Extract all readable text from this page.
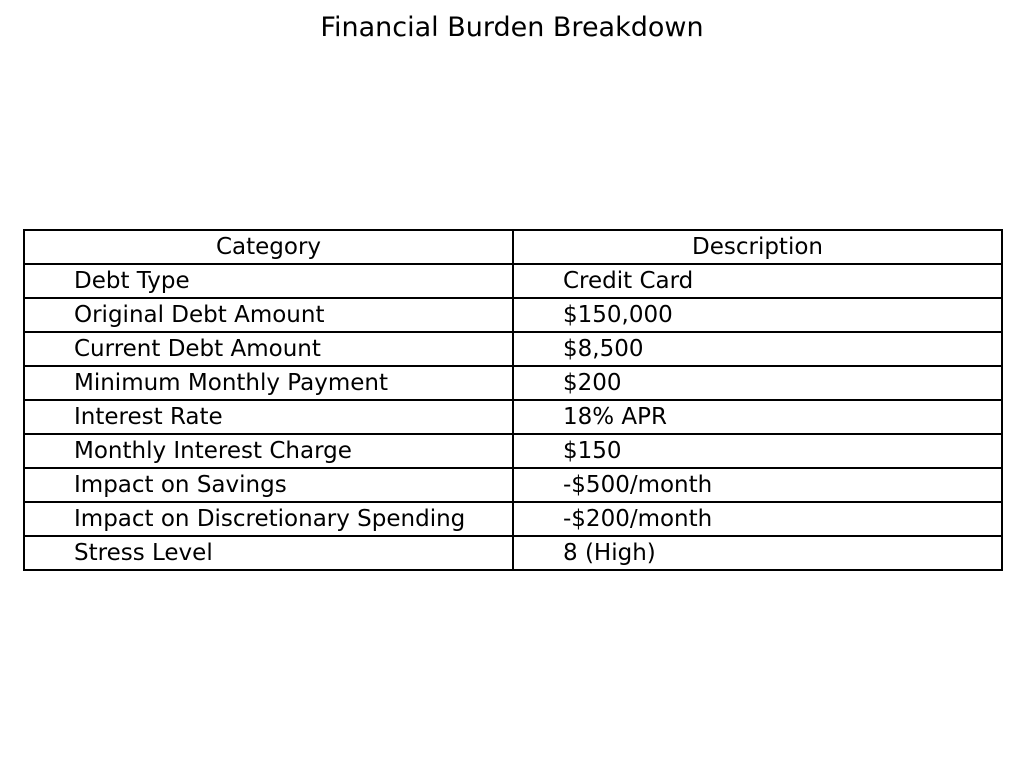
Financial Burden Breakdown
Category	Description
Debt Type	Credit Card
Original Debt Amount	$150,000
Current Debt Amount	$8,500
Minimum Monthly Payment	$200
Interest Rate	18% APR
Monthly Interest Charge	$150
Impact on Savings	-$500/month
Impact on Discretionary Spending	-$200/month
Stress Level	8 (High)
